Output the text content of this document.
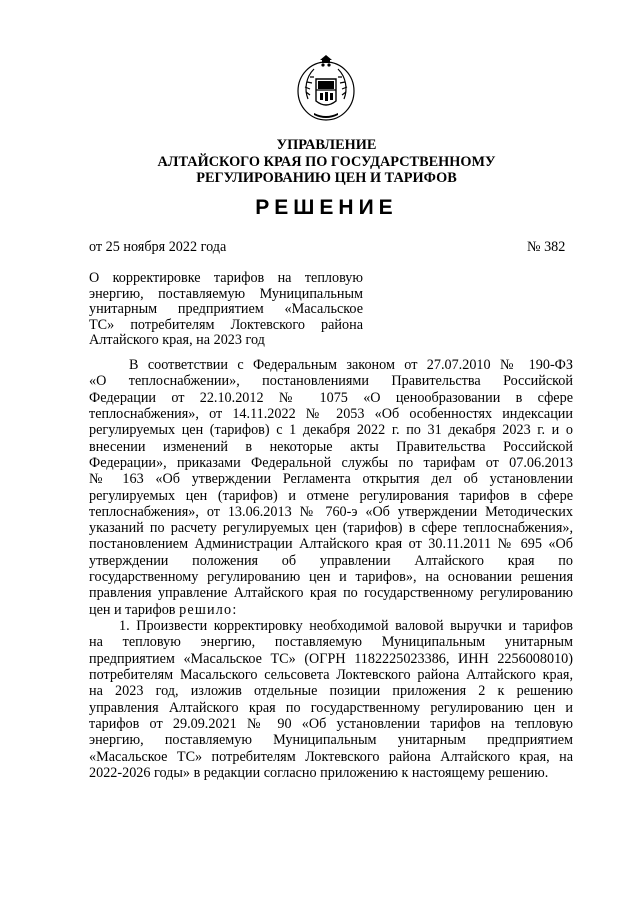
УПРАВЛЕНИЕ
АЛТАЙСКОГО КРАЯ ПО ГОСУДАРСТВЕННОМУ
РЕГУЛИРОВАНИЮ ЦЕН И ТАРИФОВ
РЕШЕНИЕ
от 25 ноября 2022 года	№ 382
О корректировке тарифов на тепловую
энергию, поставляемую Муниципальным
унитарным предприятием «Масальское
ТС» потребителям Локтевского района
Алтайского края, на 2023 год
В соответствии с Федеральным законом от 27.07.2010 № 190-ФЗ
«О теплоснабжении», постановлениями Правительства Российской
Федерации от 22.10.2012 № 1075 «О ценообразовании в сфере
теплоснабжения», от 14.11.2022 № 2053 «Об особенностях индексации
регулируемых цен (тарифов) с 1 декабря 2022 г. по 31 декабря 2023 г. и о
внесении изменений в некоторые акты Правительства Российской
Федерации», приказами Федеральной службы по тарифам от 07.06.2013
№ 163 «Об утверждении Регламента открытия дел об установлении
регулируемых цен (тарифов) и отмене регулирования тарифов в сфере
теплоснабжения», от 13.06.2013 № 760-э «Об утверждении Методических
указаний по расчету регулируемых цен (тарифов) в сфере теплоснабжения»,
постановлением Администрации Алтайского края от 30.11.2011 № 695 «Об
утверждении положения об управлении Алтайского края по
государственному регулированию цен и тарифов», на основании решения
правления управление Алтайского края по государственному регулированию
цен и тарифов решило:
1. Произвести корректировку необходимой валовой выручки и тарифов
на тепловую энергию, поставляемую Муниципальным унитарным
предприятием «Масальское ТС» (ОГРН 1182225023386, ИНН 2256008010)
потребителям Масальского сельсовета Локтевского района Алтайского края,
на 2023 год, изложив отдельные позиции приложения 2 к решению
управления Алтайского края по государственному регулированию цен и
тарифов от 29.09.2021 № 90 «Об установлении тарифов на тепловую
энергию, поставляемую Муниципальным унитарным предприятием
«Масальское ТС» потребителям Локтевского района Алтайского края, на
2022-2026 годы» в редакции согласно приложению к настоящему решению.
